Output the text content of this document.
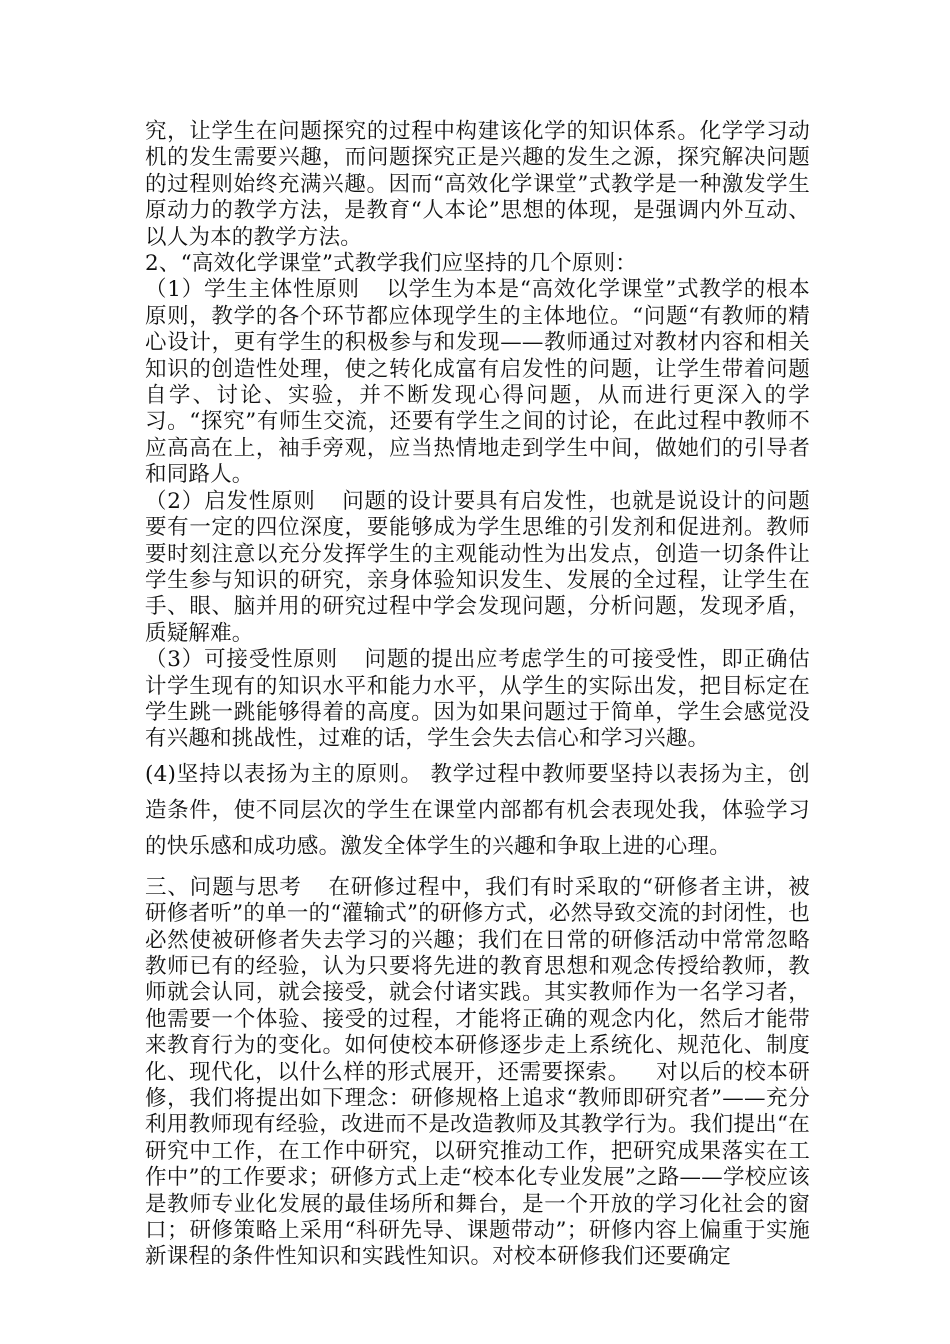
究，让学生在问题探究的过程中构建该化学的知识体系。化学学习动机的发生需要兴趣，而问题探究正是兴趣的发生之源，探究解决问题的过程则始终充满兴趣。因而“高效化学课堂”式教学是一种激发学生原动力的教学方法，是教育“人本论”思想的体现，是强调内外互动、以人为本的教学方法。

2、“高效化学课堂”式教学我们应坚持的几个原则：

（1）学生主体性原则 以学生为本是“高效化学课堂”式教学的根本原则，教学的各个环节都应体现学生的主体地位。“问题“有教师的精心设计，更有学生的积极参与和发现——教师通过对教材内容和相关知识的创造性处理，使之转化成富有启发性的问题，让学生带着问题自学、讨论、实验，并不断发现心得问题，从而进行更深入的学习。“探究”有师生交流，还要有学生之间的讨论，在此过程中教师不应高高在上，袖手旁观，应当热情地走到学生中间，做她们的引导者和同路人。

（2）启发性原则 问题的设计要具有启发性，也就是说设计的问题要有一定的四位深度，要能够成为学生思维的引发剂和促进剂。教师要时刻注意以充分发挥学生的主观能动性为出发点，创造一切条件让学生参与知识的研究，亲身体验知识发生、发展的全过程，让学生在手、眼、脑并用的研究过程中学会发现问题，分析问题，发现矛盾，质疑解难。

（3）可接受性原则 问题的提出应考虑学生的可接受性，即正确估计学生现有的知识水平和能力水平，从学生的实际出发，把目标定在学生跳一跳能够得着的高度。因为如果问题过于简单，学生会感觉没有兴趣和挑战性，过难的话，学生会失去信心和学习兴趣。

(4)坚持以表扬为主的原则。 教学过程中教师要坚持以表扬为主，创造条件，使不同层次的学生在课堂内部都有机会表现处我，体验学习的快乐感和成功感。激发全体学生的兴趣和争取上进的心理。

三、问题与思考 在研修过程中，我们有时采取的“研修者主讲，被研修者听”的单一的“灌输式”的研修方式，必然导致交流的封闭性，也必然使被研修者失去学习的兴趣；我们在日常的研修活动中常常忽略教师已有的经验，认为只要将先进的教育思想和观念传授给教师，教师就会认同，就会接受，就会付诸实践。其实教师作为一名学习者，他需要一个体验、接受的过程，才能将正确的观念内化，然后才能带来教育行为的变化。如何使校本研修逐步走上系统化、规范化、制度化、现代化，以什么样的形式展开，还需要探索。 对以后的校本研修，我们将提出如下理念：研修规格上追求“教师即研究者”——充分利用教师现有经验，改进而不是改造教师及其教学行为。我们提出“在研究中工作，在工作中研究，以研究推动工作，把研究成果落实在工作中”的工作要求；研修方式上走“校本化专业发展”之路——学校应该是教师专业化发展的最佳场所和舞台，是一个开放的学习化社会的窗口；研修策略上采用“科研先导、课题带动”；研修内容上偏重于实施新课程的条件性知识和实践性知识。对校本研修我们还要确定
